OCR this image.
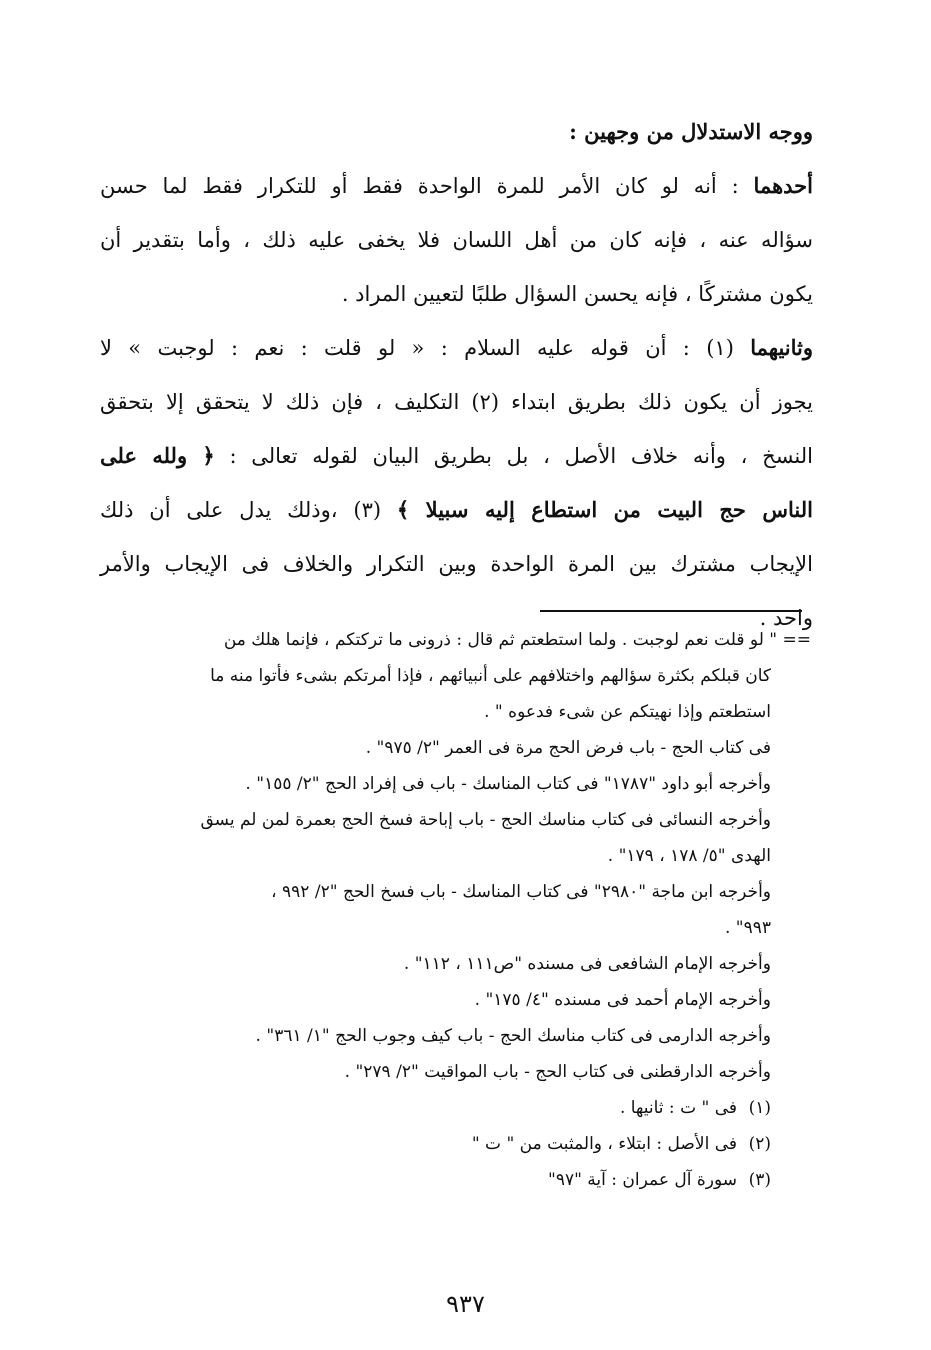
ووجه الاستدلال من وجهين :
أحدهما : أنه لو كان الأمر للمرة الواحدة فقط أو للتكرار فقط لما حسن
سؤاله عنه ، فإنه كان من أهل اللسان فلا يخفى عليه ذلك ، وأما بتقدير أن
يكون مشتركًا ، فإنه يحسن السؤال طلبًا لتعيين المراد .
وثانيهما (١) : أن قوله عليه السلام : « لو قلت : نعم : لوجبت » لا
يجوز أن يكون ذلك بطريق ابتداء (٢) التكليف ، فإن ذلك لا يتحقق إلا بتحقق
النسخ ، وأنه خلاف الأصل ، بل بطريق البيان لقوله تعالى : ﴿ ولله على
الناس حج البيت من استطاع إليه سبيلا ﴾ (٣) ،وذلك يدل على أن ذلك
الإيجاب مشترك بين المرة الواحدة وبين التكرار والخلاف فى الإيجاب والأمر
واحد .
== " لو قلت نعم لوجبت . ولما استطعتم ثم قال : ذرونى ما تركتكم ، فإنما هلك من
كان قبلكم بكثرة سؤالهم واختلافهم على أنبيائهم ، فإذا أمرتكم بشىء فأتوا منه ما
استطعتم وإذا نهيتكم عن شىء فدعوه " .
فى كتاب الحج - باب فرض الحج مرة فى العمر "٢/ ٩٧٥" .
وأخرجه أبو داود "١٧٨٧" فى كتاب المناسك - باب فى إفراد الحج "٢/ ١٥٥" .
وأخرجه النسائى فى كتاب مناسك الحج - باب إباحة فسخ الحج بعمرة لمن لم يسق
الهدى "٥/ ١٧٨ ، ١٧٩" .
وأخرجه ابن ماجة "٢٩٨٠" فى كتاب المناسك - باب فسخ الحج "٢/ ٩٩٢ ،
٩٩٣" .
وأخرجه الإمام الشافعى فى مسنده "ص١١١ ، ١١٢" .
وأخرجه الإمام أحمد فى مسنده "٤/ ١٧٥" .
وأخرجه الدارمى فى كتاب مناسك الحج - باب كيف وجوب الحج "١/ ٣٦١" .
وأخرجه الدارقطنى فى كتاب الحج - باب المواقيت "٢/ ٢٧٩" .
(١)فى " ت : ثانيها .
(٢)فى الأصل : ابتلاء ، والمثبت من " ت "
(٣)سورة آل عمران : آية "٩٧"
٩٣٧
